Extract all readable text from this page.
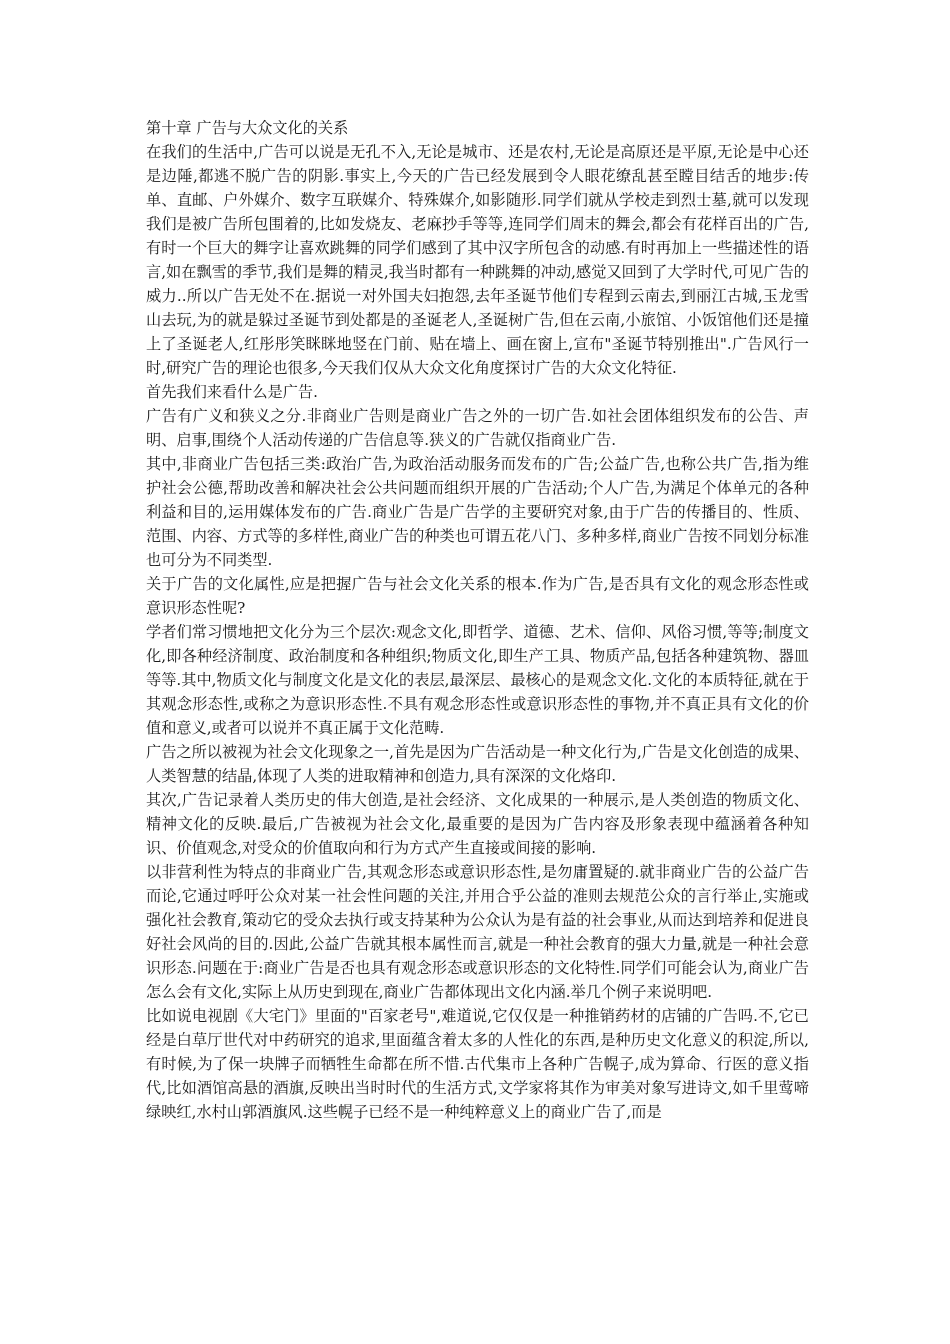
第十章 广告与大众文化的关系

在我们的生活中,广告可以说是无孔不入,无论是城市、还是农村,无论是高原还是平原,无论是中心还是边陲,都逃不脱广告的阴影.事实上,今天的广告已经发展到令人眼花缭乱甚至瞠目结舌的地步:传单、直邮、户外媒介、数字互联媒介、特殊媒介,如影随形.同学们就从学校走到烈士墓,就可以发现我们是被广告所包围着的,比如发烧友、老麻抄手等等,连同学们周末的舞会,都会有花样百出的广告,有时一个巨大的舞字让喜欢跳舞的同学们感到了其中汉字所包含的动感.有时再加上一些描述性的语言,如在飘雪的季节,我们是舞的精灵,我当时都有一种跳舞的冲动,感觉又回到了大学时代,可见广告的威力..所以广告无处不在.据说一对外国夫妇抱怨,去年圣诞节他们专程到云南去,到丽江古城,玉龙雪山去玩,为的就是躲过圣诞节到处都是的圣诞老人,圣诞树广告,但在云南,小旅馆、小饭馆他们还是撞上了圣诞老人,红彤彤笑眯眯地竖在门前、贴在墙上、画在窗上,宣布"圣诞节特别推出".广告风行一时,研究广告的理论也很多,今天我们仅从大众文化角度探讨广告的大众文化特征.

首先我们来看什么是广告.

广告有广义和狭义之分.非商业广告则是商业广告之外的一切广告.如社会团体组织发布的公告、声明、启事,围绕个人活动传递的广告信息等.狭义的广告就仅指商业广告.

其中,非商业广告包括三类:政治广告,为政治活动服务而发布的广告;公益广告,也称公共广告,指为维护社会公德,帮助改善和解决社会公共问题而组织开展的广告活动;个人广告,为满足个体单元的各种利益和目的,运用媒体发布的广告.商业广告是广告学的主要研究对象,由于广告的传播目的、性质、范围、内容、方式等的多样性,商业广告的种类也可谓五花八门、多种多样,商业广告按不同划分标准也可分为不同类型.

关于广告的文化属性,应是把握广告与社会文化关系的根本.作为广告,是否具有文化的观念形态性或意识形态性呢?

学者们常习惯地把文化分为三个层次:观念文化,即哲学、道德、艺术、信仰、风俗习惯,等等;制度文化,即各种经济制度、政治制度和各种组织;物质文化,即生产工具、物质产品,包括各种建筑物、器皿等等.其中,物质文化与制度文化是文化的表层,最深层、最核心的是观念文化.文化的本质特征,就在于其观念形态性,或称之为意识形态性.不具有观念形态性或意识形态性的事物,并不真正具有文化的价值和意义,或者可以说并不真正属于文化范畴.

广告之所以被视为社会文化现象之一,首先是因为广告活动是一种文化行为,广告是文化创造的成果、人类智慧的结晶,体现了人类的进取精神和创造力,具有深深的文化烙印.

其次,广告记录着人类历史的伟大创造,是社会经济、文化成果的一种展示,是人类创造的物质文化、精神文化的反映.最后,广告被视为社会文化,最重要的是因为广告内容及形象表现中蕴涵着各种知识、价值观念,对受众的价值取向和行为方式产生直接或间接的影响.

以非营利性为特点的非商业广告,其观念形态或意识形态性,是勿庸置疑的.就非商业广告的公益广告而论,它通过呼吁公众对某一社会性问题的关注,并用合乎公益的准则去规范公众的言行举止,实施或强化社会教育,策动它的受众去执行或支持某种为公众认为是有益的社会事业,从而达到培养和促进良好社会风尚的目的.因此,公益广告就其根本属性而言,就是一种社会教育的强大力量,就是一种社会意识形态.问题在于:商业广告是否也具有观念形态或意识形态的文化特性.同学们可能会认为,商业广告怎么会有文化,实际上从历史到现在,商业广告都体现出文化内涵.举几个例子来说明吧.

比如说电视剧《大宅门》里面的"百家老号",难道说,它仅仅是一种推销药材的店铺的广告吗.不,它已经是白草厅世代对中药研究的追求,里面蕴含着太多的人性化的东西,是种历史文化意义的积淀,所以,有时候,为了保一块牌子而牺牲生命都在所不惜.古代集市上各种广告幌子,成为算命、行医的意义指代,比如酒馆高悬的酒旗,反映出当时时代的生活方式,文学家将其作为审美对象写进诗文,如千里莺啼绿映红,水村山郭酒旗风.这些幌子已经不是一种纯粹意义上的商业广告了,而是
